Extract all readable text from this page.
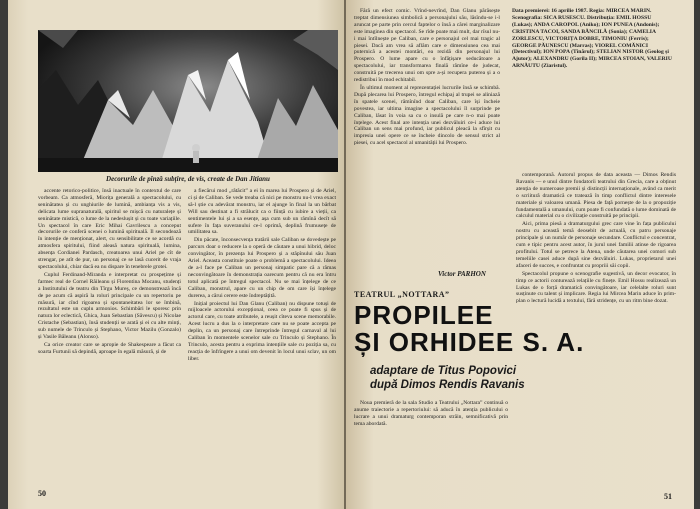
Decorurile de pînză subțire, de vis, create de Dan Jitianu

accente retorico-politice, însă inactuale în contextul de care vorbeam. Ca atmosferă, Miorița generală a spectacolului, cu seninătatea și cu unghiurile de lumină, ambianța vis a vis, delicata lume supranaturală, spiritul se mișcă cu naturalețe și seninătate mistică, o lume de la nedeslușit și cu toate variațiile. Un spectacol în care Eric Mihai Gavrilescu a conceput decorurile ce conferă scenei o lumină spirituală. Il secondează în intenție de menționat, alert, cu sensibilitate ce se acordă cu atmosfera spiritului, fiind aleasă natura spirituală, lumina, absența Cordianei Pardasch, creatoarea unui Ariel pe cît de strengar, pe atît de pur, un personaj ce se lasă cucerit de vraja spectacolului, chiar dacă ea nu dispare în tenebrele grotei.

Cuplul Ferdinand-Miranda e interpretat cu prospețime și farmec real de Cornel Răileanu și Florentina Mocanu, studenți a Institutului de teatru din Tîrgu Mureș, ce demonstrează încă de pe acum că aspiră la roluri principale cu un repertoriu pe măsură, iar cînd rigoarea și spontaneitatea lor se îmbină, rezultatul este un cuplu armonios. Schimbări le sporesc prin natura lor eclectică, Ghica, Juan Sebastian (Săvescu) și Nicolae Cristache (Sebastian), însă studenții se arată și ei cu alte minți, sub numele de Trinculo și Stephano, Victor Mazilu (Gonzalo) și Vasile Băleanu (Alonso).

Ca orice creator care se apropie de Shakespeare a făcut ca soarta Furtunii să depindă, aproape în egală măsură, și de

a fiecărui mod „rătăcit” a ei în marea lui Prospero și de Ariel, ci și de Caliban. Se vede treaba că nici pe monstru nu-l vrea exact să-l știe cu adevărat monstru, iar el ajunge în final la un bărbat Will sau destinat a fi strălucit ca o ființă cu iubire a vieții, ca sentimentele lui și a sa esențe, așa cum sub un rămînă decît să sufere în fața suveranului ce-l oprimă, deplină frumusețe de umilitatea sa.

Din păcate, înconsecvența tratării sale Caliban se dovedește pe parcurs doar o reducere la o operă de căutare a unui hibrid, deloc convingător, în prezența lui Prospero și a stăpînului său Juan Ariel. Aceasta constituie poate o problemă a spectacolului. Ideea de a-l face pe Caliban un personaj simpatic pare că a rămas neconvingătoare în demonstrația oarecum pentru că nu era întru totul aplicată pe întregul spectacol. Nu se mai înțelege de ce Caliban, monstrul, apare cu un chip de om care își înțelege durerea, a cărui cerere este îndreptățită.

Inițial proiectul lui Dan Glanu (Caliban) nu dispune totuși de mijloacele actorului excepțional, ceea ce poate fi spus și de actorul care, cu toate atributele, a reușit cîteva scene memorabile. Acest lucru a dus la o interpretare care nu se poate accepta pe deplin, ca un personaj care întreprinde întregul carnaval al lui Caliban în momentele scenelor sale cu Trinculo și Stephano. În Trinculo, acesta pentru a exprima intențiile sale cu poziția sa, cu reacția de înfrîngere a unui om devenit în locul unui sclav, un om liber.

50

Fără un efect comic. Vrînd-nevrînd, Dan Glanu părăsește treptat dimensiunea simbolică a personajului său, lăsîndu-se i-l aruncat pe parte prin cercul faptelor o însă a cărei marginalizare este imaginea din spectacol. Se rîde poate mai mult, dar rîsul nu-i mai întîlnește pe Caliban, care e personajul cel mai tragic al piesei. Dacă am vrea să aflăm care e dimensiunea cea mai puternică a acestei montări, ea rezidă din personajul lui Prospero. O lume apare cu o înfățișare seducătoare a spectacolului, iar transformarea finală rămîne de judecat, construită pe trecerea unui om spre a-și recupera puterea și a o redistribui în mod echitabil.

În ultimul moment al reprezentației lucrurile însă se schimbă. După plecarea lui Prospero, întregul echipaj al trupei se aliniază în spatele scenei, rămînînd doar Caliban, care își încheie povestea, iar ultima imagine a spectacolului îl surprinde pe Caliban, lăsat în voia sa cu o insulă pe care n-o mai poate înțelege. Acest final are intenția unei dezvăluiri ce-i aduce lui Caliban un sens mai profund, iar publicul pleacă la sfîrșit cu impresia unei opere ce se încheie dincolo de sensul strict al piesei, cu acel spectacol al umanității lui Prospero.

Victor PARHON
Data premierei: 16 aprilie 1987. Regia: MIRCEA MARIN. Scenografia: SICA RUSESCU. Distribuția: EMIL HOSSU (Lukas); ANDA CAROPOL (Aniko); ION PUNEA (Andonis); CRISTINA TACOI, SANDA BĂNCILĂ (Sonia); CAMELIA ZORLESCU, VICTORIȚA DOBRE, TIMONIU (Ferris); GEORGE PĂUNESCU (Marras); VIOREL COMĂNICI (Detectivul); ION POPA (Tînărul); STELIAN NISTOR (Geolog și Ajutor); ALEXANDRU (Gorila II); MIRCEA STOIAN, VALERIU ARNĂUTU (Ziaristul).
TEATRUL „NOTTARA”
PROPILEE
ȘI ORHIDEE S. A.
adaptare de Titus Popovici
după Dimos Rendis Ravanis

Noua premieră de la sala Studio a Teatrului „Nottara” continuă o anume traiectorie a repertoriului: să aducă în atenția publicului o lucrare a unui dramaturg contemporan străin, semnificativă prin tema abordată.

contemporană. Autorul propus de data aceasta — Dimos Rendis Ravanis — e unul dintre fondatorii teatrului din Grecia, care a obținut atenția de numeroase premii și distincții internaționale, având ca merit o scriitură dramatică ce tratează în timp conflictul dintre interesele materiale și valoarea umană. Piesa de față pornește de la o propoziție fundamentală a umanului, cum poate fi confundată o lume dominată de calculul material cu o civilizație construită pe principii.

Aici, prima piesă a dramaturgului grec care vine în fața publicului nostru cu această temă deosebit de actuală, cu patru personaje principale și un număr de personaje secundare. Conflictul e concentrat, cum e tipic pentru acest autor, în jurul unei familii atinse de rigoarea profitului. Totul se petrece la Atena, unde căutarea unei comori sub temeliile casei aduce după sine dezvăluiri. Lukas, proprietarul unei afaceri de succes, e confruntat cu propriii săi copii.

Spectacolul propune o scenografie sugestivă, un decor evocator, în timp ce actorii conturează relațiile cu finețe. Emil Hossu realizează un Lukas de o forță dramatică convingătoare, iar celelalte roluri sunt susținute cu talent și implicare. Regia lui Mircea Marin aduce în prim-plan o lectură lucidă a textului, fără stridențe, cu un ritm bine dozat.

51
